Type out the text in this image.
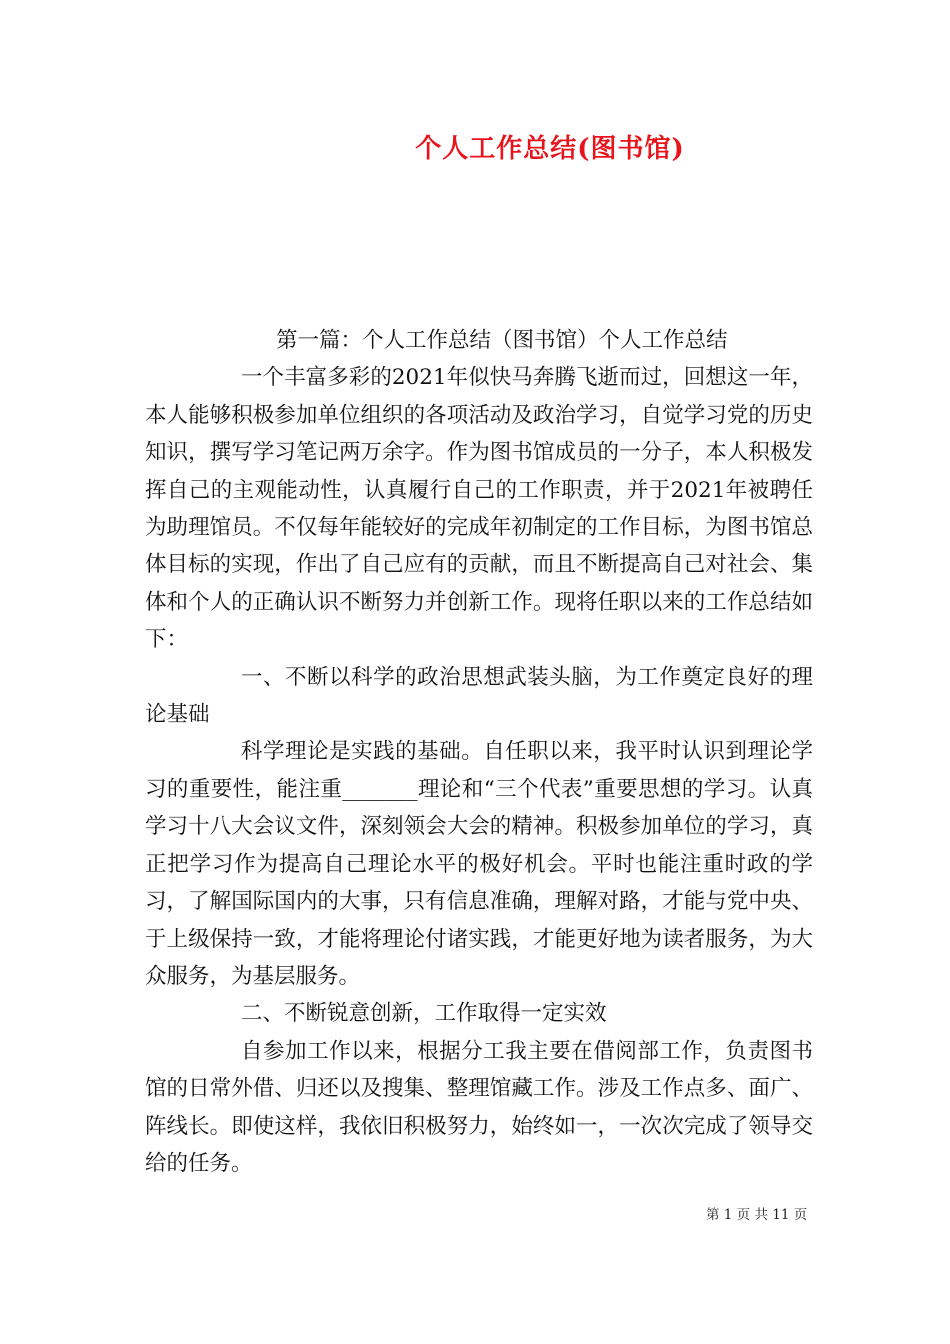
个人工作总结(图书馆)

第一篇：个人工作总结（图书馆）个人工作总结

一个丰富多彩的2021年似快马奔腾飞逝而过，回想这一年，本人能够积极参加单位组织的各项活动及政治学习，自觉学习党的历史知识，撰写学习笔记两万余字。作为图书馆成员的一分子，本人积极发挥自己的主观能动性，认真履行自己的工作职责，并于2021年被聘任为助理馆员。不仅每年能较好的完成年初制定的工作目标，为图书馆总体目标的实现，作出了自己应有的贡献，而且不断提高自己对社会、集体和个人的正确认识不断努力并创新工作。现将任职以来的工作总结如下：

一、不断以科学的政治思想武装头脑，为工作奠定良好的理论基础

科学理论是实践的基础。自任职以来，我平时认识到理论学习的重要性，能注重_______理论和“三个代表”重要思想的学习。认真学习十八大会议文件，深刻领会大会的精神。积极参加单位的学习，真正把学习作为提高自己理论水平的极好机会。平时也能注重时政的学习，了解国际国内的大事，只有信息准确，理解对路，才能与党中央、于上级保持一致，才能将理论付诸实践，才能更好地为读者服务，为大众服务，为基层服务。

二、不断锐意创新，工作取得一定实效

自参加工作以来，根据分工我主要在借阅部工作，负责图书馆的日常外借、归还以及搜集、整理馆藏工作。涉及工作点多、面广、阵线长。即使这样，我依旧积极努力，始终如一，一次次完成了领导交给的任务。

第 1 页 共 11 页
